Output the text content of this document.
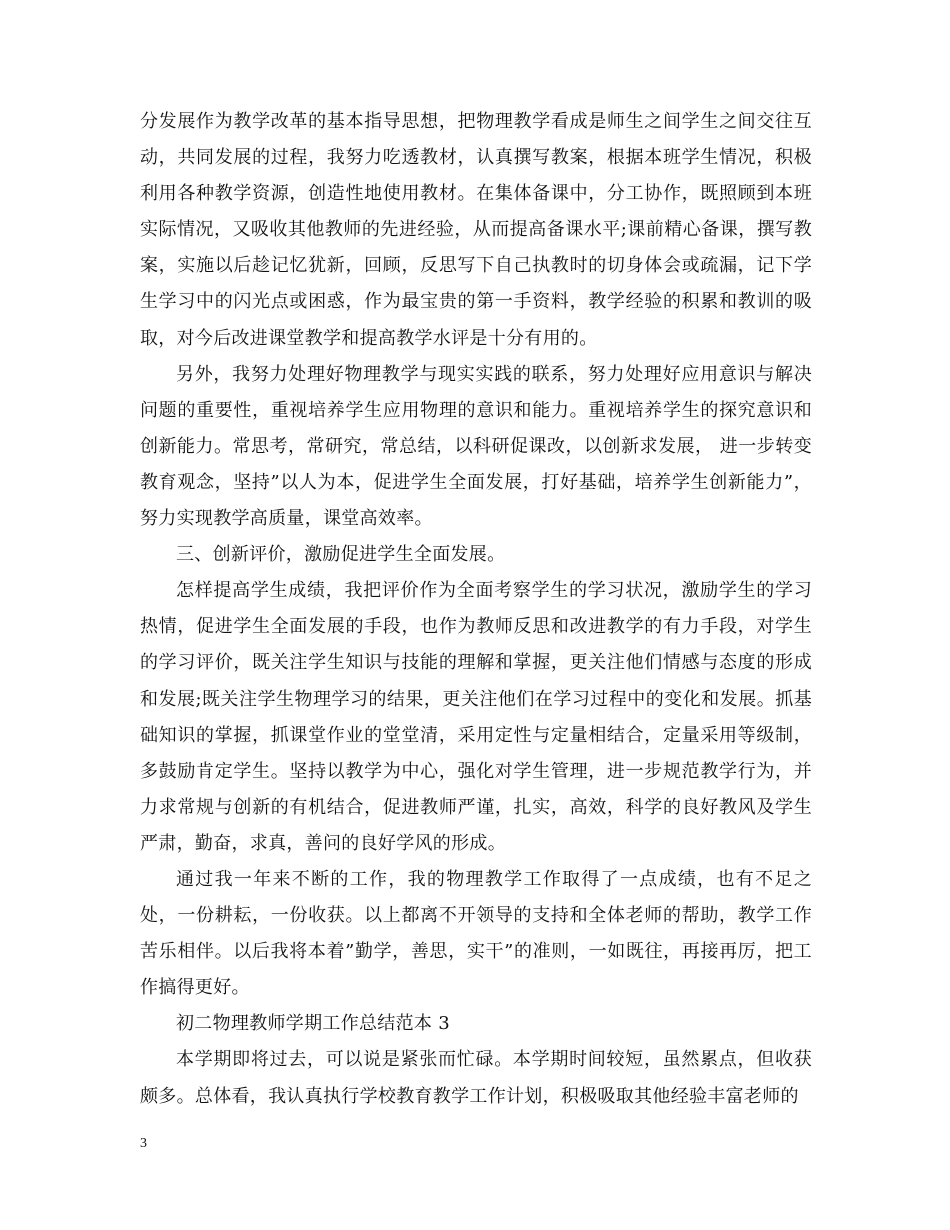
分发展作为教学改革的基本指导思想，把物理教学看成是师生之间学生之间交往互动，共同发展的过程，我努力吃透教材，认真撰写教案，根据本班学生情况，积极利用各种教学资源，创造性地使用教材。在集体备课中，分工协作，既照顾到本班实际情况，又吸收其他教师的先进经验，从而提高备课水平;课前精心备课，撰写教案，实施以后趁记忆犹新，回顾，反思写下自己执教时的切身体会或疏漏，记下学生学习中的闪光点或困惑，作为最宝贵的第一手资料，教学经验的积累和教训的吸取，对今后改进课堂教学和提高教学水评是十分有用的。

另外，我努力处理好物理教学与现实实践的联系，努力处理好应用意识与解决问题的重要性，重视培养学生应用物理的意识和能力。重视培养学生的探究意识和创新能力。常思考，常研究，常总结，以科研促课改，以创新求发展， 进一步转变教育观念，坚持”以人为本，促进学生全面发展，打好基础，培养学生创新能力”，努力实现教学高质量，课堂高效率。

三、创新评价，激励促进学生全面发展。

怎样提高学生成绩，我把评价作为全面考察学生的学习状况，激励学生的学习热情，促进学生全面发展的手段，也作为教师反思和改进教学的有力手段，对学生的学习评价，既关注学生知识与技能的理解和掌握，更关注他们情感与态度的形成和发展;既关注学生物理学习的结果，更关注他们在学习过程中的变化和发展。抓基础知识的掌握，抓课堂作业的堂堂清，采用定性与定量相结合，定量采用等级制，多鼓励肯定学生。坚持以教学为中心，强化对学生管理，进一步规范教学行为，并力求常规与创新的有机结合，促进教师严谨，扎实，高效，科学的良好教风及学生严肃，勤奋，求真，善问的良好学风的形成。

通过我一年来不断的工作，我的物理教学工作取得了一点成绩，也有不足之处，一份耕耘，一份收获。以上都离不开领导的支持和全体老师的帮助，教学工作苦乐相伴。以后我将本着”勤学，善思，实干”的准则，一如既往，再接再厉，把工作搞得更好。

初二物理教师学期工作总结范本 3

本学期即将过去，可以说是紧张而忙碌。本学期时间较短，虽然累点，但收获颇多。总体看，我认真执行学校教育教学工作计划，积极吸取其他经验丰富老师的

3
